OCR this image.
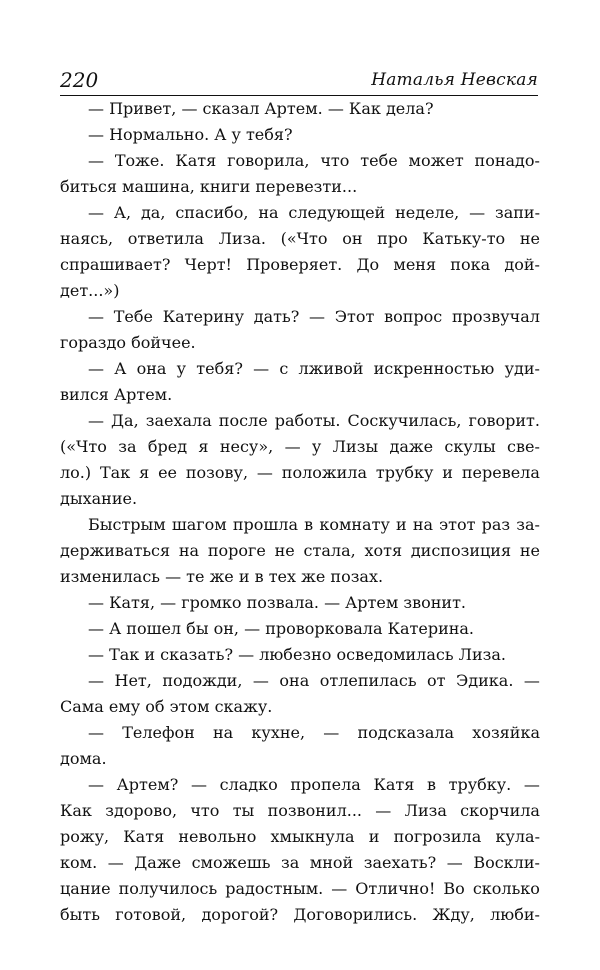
220	Наталья Невская
— Привет, — сказал Артем. — Как дела?
— Нормально. А у тебя?
— Тоже. Катя говорила, что тебе может понадо-
биться машина, книги перевезти...
— А, да, спасибо, на следующей неделе, — запи-
наясь, ответила Лиза. («Что он про Катьку-то не
спрашивает? Черт! Проверяет. До меня пока дой-
дет...»)
— Тебе Катерину дать? — Этот вопрос прозвучал
гораздо бойчее.
— А она у тебя? — с лживой искренностью уди-
вился Артем.
— Да, заехала после работы. Соскучилась, говорит.
(«Что за бред я несу», — у Лизы даже скулы све-
ло.) Так я ее позову, — положила трубку и перевела
дыхание.
Быстрым шагом прошла в комнату и на этот раз за-
держиваться на пороге не стала, хотя диспозиция не
изменилась — те же и в тех же позах.
— Катя, — громко позвала. — Артем звонит.
— А пошел бы он, — проворковала Катерина.
— Так и сказать? — любезно осведомилась Лиза.
— Нет, подожди, — она отлепилась от Эдика. —
Сама ему об этом скажу.
— Телефон на кухне, — подсказала хозяйка
дома.
— Артем? — сладко пропела Катя в трубку. —
Как здорово, что ты позвонил... — Лиза скорчила
рожу, Катя невольно хмыкнула и погрозила кула-
ком. — Даже сможешь за мной заехать? — Воскли-
цание получилось радостным. — Отлично! Во сколько
быть готовой, дорогой? Договорились. Жду, люби-
